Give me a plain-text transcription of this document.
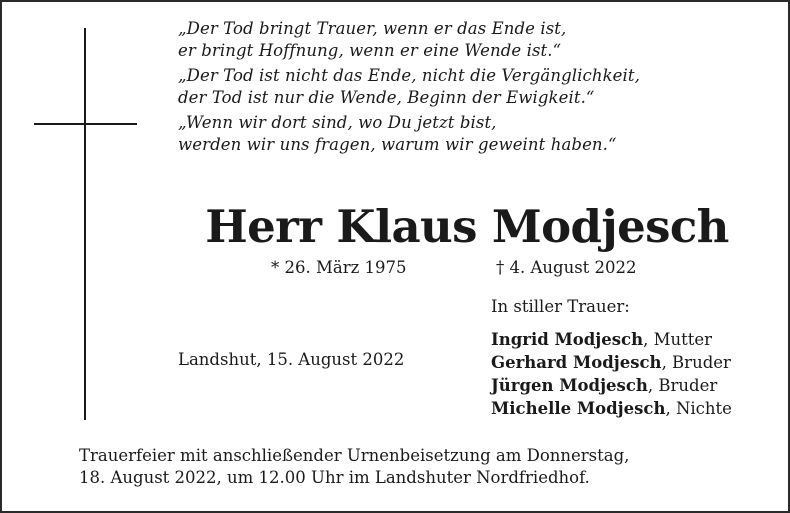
„Der Tod bringt Trauer, wenn er das Ende ist,
er bringt Hoffnung, wenn er eine Wende ist.“

„Der Tod ist nicht das Ende, nicht die Vergänglichkeit,
der Tod ist nur die Wende, Beginn der Ewigkeit.“

„Wenn wir dort sind, wo Du jetzt bist,
werden wir uns fragen, warum wir geweint haben.“

Herr Klaus Modjesch
* 26. März 1975	† 4. August 2022
In stiller Trauer:
Landshut, 15. August 2022
Ingrid Modjesch, Mutter
Gerhard Modjesch, Bruder
Jürgen Modjesch, Bruder
Michelle Modjesch, Nichte
Trauerfeier mit anschließender Urnenbeisetzung am Donnerstag,
18. August 2022, um 12.00 Uhr im Landshuter Nordfriedhof.
